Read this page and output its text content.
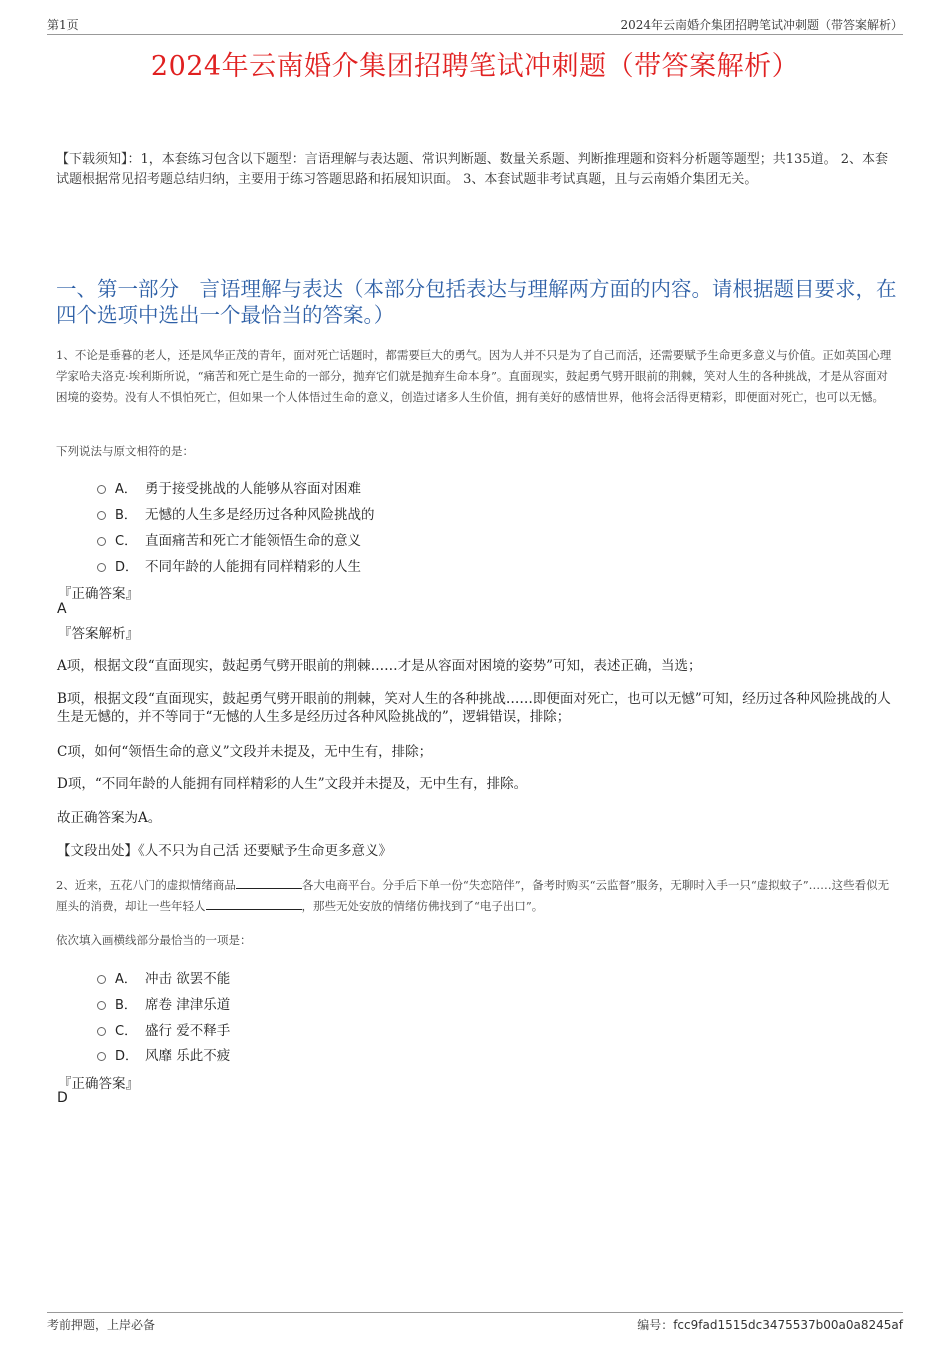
第1页	2024年云南婚介集团招聘笔试冲刺题（带答案解析）
2024年云南婚介集团招聘笔试冲刺题（带答案解析）
【下载须知】：1，本套练习包含以下题型：言语理解与表达题、常识判断题、数量关系题、判断推理题和资料分析题等题型；共135道。 2、本套试题根据常见招考题总结归纳，主要用于练习答题思路和拓展知识面。 3、本套试题非考试真题，且与云南婚介集团无关。
一、第一部分　言语理解与表达（本部分包括表达与理解两方面的内容。请根据题目要求，在四个选项中选出一个最恰当的答案。）
1、不论是垂暮的老人，还是风华正茂的青年，面对死亡话题时，都需要巨大的勇气。因为人并不只是为了自己而活，还需要赋予生命更多意义与价值。正如英国心理学家哈夫洛克·埃利斯所说，“痛苦和死亡是生命的一部分，抛弃它们就是抛弃生命本身”。直面现实，鼓起勇气劈开眼前的荆棘，笑对人生的各种挑战，才是从容面对困境的姿势。没有人不惧怕死亡，但如果一个人体悟过生命的意义，创造过诸多人生价值，拥有美好的感情世界，他将会活得更精彩，即便面对死亡，也可以无憾。
下列说法与原文相符的是：
A． 勇于接受挑战的人能够从容面对困难
B． 无憾的人生多是经历过各种风险挑战的
C． 直面痛苦和死亡才能领悟生命的意义
D． 不同年龄的人能拥有同样精彩的人生
『正确答案』
A
『答案解析』
A项，根据文段“直面现实，鼓起勇气劈开眼前的荆棘……才是从容面对困境的姿势”可知，表述正确，当选；
B项，根据文段“直面现实，鼓起勇气劈开眼前的荆棘，笑对人生的各种挑战……即便面对死亡，也可以无憾”可知，经历过各种风险挑战的人生是无憾的，并不等同于“无憾的人生多是经历过各种风险挑战的”，逻辑错误，排除；
C项，如何“领悟生命的意义”文段并未提及，无中生有，排除；
D项，“不同年龄的人能拥有同样精彩的人生”文段并未提及，无中生有，排除。
故正确答案为A。
【文段出处】《人不只为自己活 还要赋予生命更多意义》
2、近来，五花八门的虚拟情绪商品	各大电商平台。分手后下单一份“失恋陪伴”，备考时购买“云监督”服务，无聊时入手一只“虚拟蚊子”……这些看似无厘头的消费，却让一些年轻人	，那些无处安放的情绪仿佛找到了“电子出口”。
依次填入画横线部分最恰当的一项是：
A． 冲击 欲罢不能
B． 席卷 津津乐道
C． 盛行 爱不释手
D． 风靡 乐此不疲
『正确答案』
D
考前押题，上岸必备	编号：fcc9fad1515dc3475537b00a0a8245af
